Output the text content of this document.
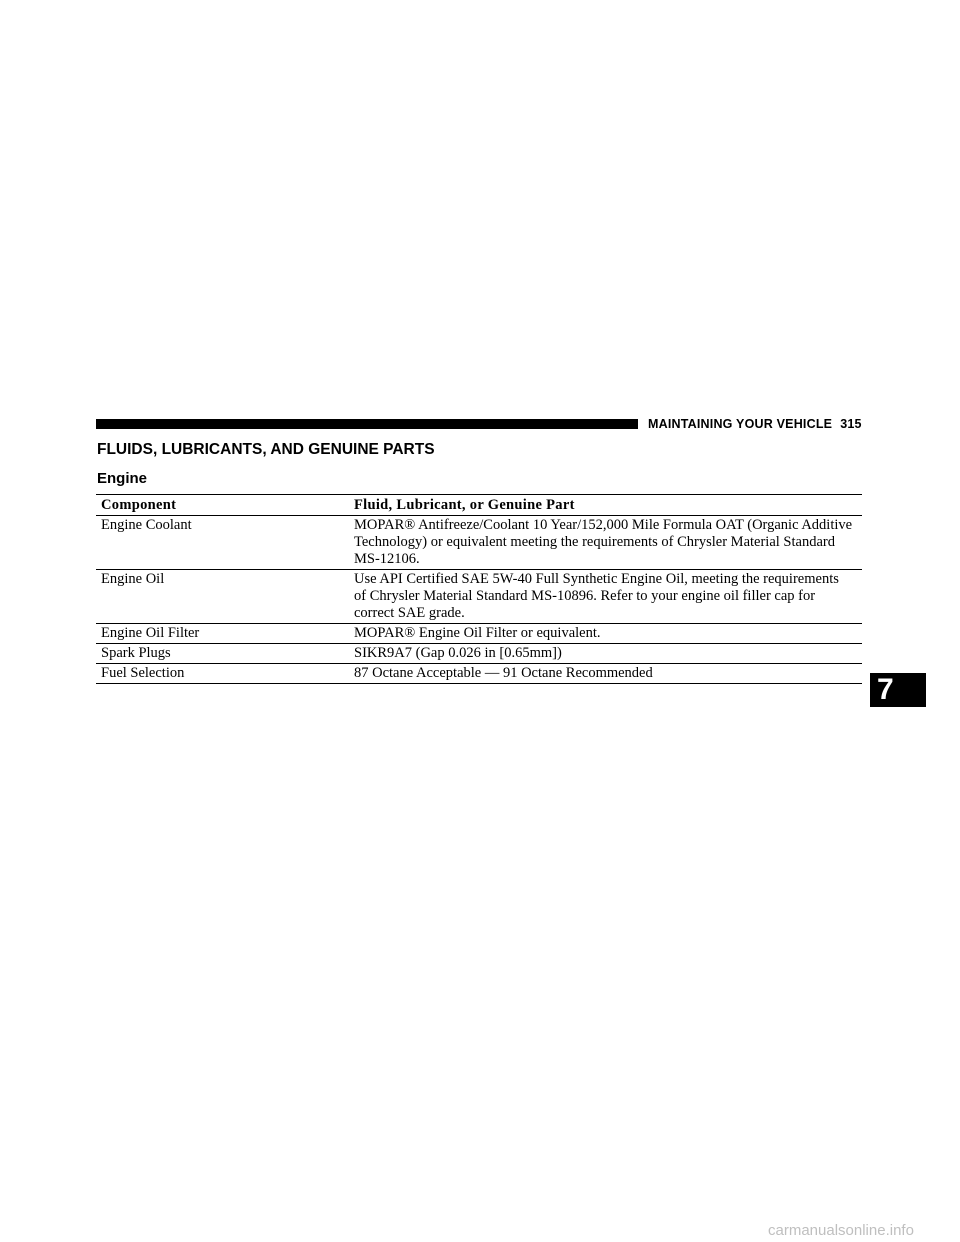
MAINTAINING YOUR VEHICLE 315
FLUIDS, LUBRICANTS, AND GENUINE PARTS
Engine
Component	Fluid, Lubricant, or Genuine Part
Engine Coolant	MOPAR® Antifreeze/Coolant 10 Year/152,000 Mile Formula OAT (Organic Additive Technology) or equivalent meeting the requirements of Chrysler Material Standard MS-12106.
Engine Oil	Use API Certified SAE 5W-40 Full Synthetic Engine Oil, meeting the requirements of Chrysler Material Standard MS-10896. Refer to your engine oil filler cap for correct SAE grade.
Engine Oil Filter	MOPAR® Engine Oil Filter or equivalent.
Spark Plugs	SIKR9A7 (Gap 0.026 in [0.65mm])
Fuel Selection	87 Octane Acceptable — 91 Octane Recommended	7
carmanualsonline.info
